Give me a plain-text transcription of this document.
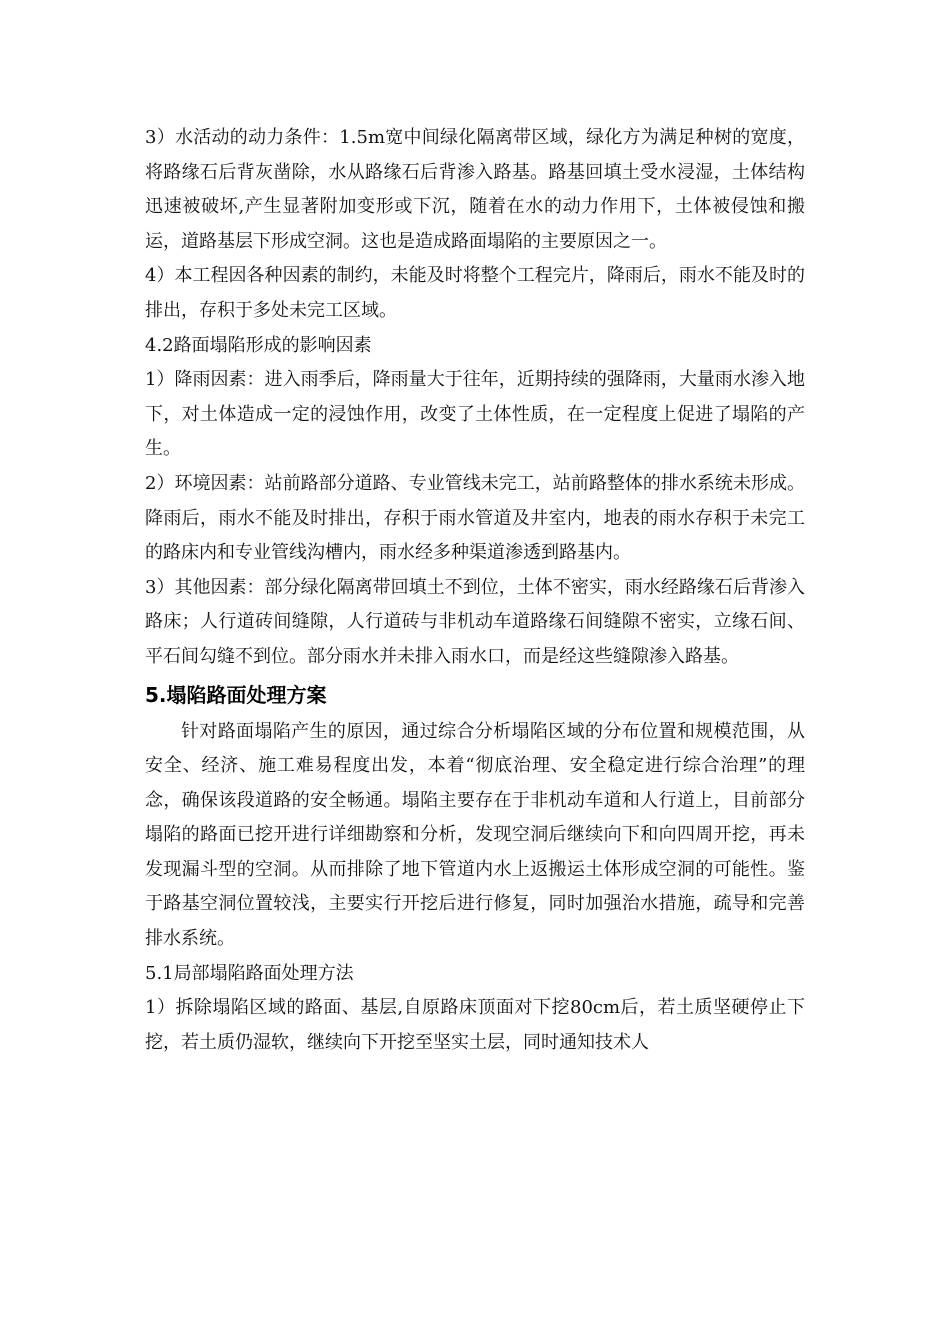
3）水活动的动力条件：1.5m宽中间绿化隔离带区域，绿化方为满足种树的宽度，将路缘石后背灰凿除，水从路缘石后背渗入路基。路基回填土受水浸湿，土体结构迅速被破坏,产生显著附加变形或下沉，随着在水的动力作用下，土体被侵蚀和搬运，道路基层下形成空洞。这也是造成路面塌陷的主要原因之一。

4）本工程因各种因素的制约，未能及时将整个工程完片，降雨后，雨水不能及时的排出，存积于多处未完工区域。

4.2路面塌陷形成的影响因素

1）降雨因素：进入雨季后，降雨量大于往年，近期持续的强降雨，大量雨水渗入地下，对土体造成一定的浸蚀作用，改变了土体性质，在一定程度上促进了塌陷的产生。

2）环境因素：站前路部分道路、专业管线未完工，站前路整体的排水系统未形成。降雨后，雨水不能及时排出，存积于雨水管道及井室内，地表的雨水存积于未完工的路床内和专业管线沟槽内，雨水经多种渠道渗透到路基内。

3）其他因素：部分绿化隔离带回填土不到位，土体不密实，雨水经路缘石后背渗入路床；人行道砖间缝隙，人行道砖与非机动车道路缘石间缝隙不密实，立缘石间、平石间勾缝不到位。部分雨水并未排入雨水口，而是经这些缝隙渗入路基。

5.塌陷路面处理方案

针对路面塌陷产生的原因，通过综合分析塌陷区域的分布位置和规模范围，从安全、经济、施工难易程度出发，本着“彻底治理、安全稳定进行综合治理”的理念，确保该段道路的安全畅通。塌陷主要存在于非机动车道和人行道上，目前部分塌陷的路面已挖开进行详细勘察和分析，发现空洞后继续向下和向四周开挖，再未发现漏斗型的空洞。从而排除了地下管道内水上返搬运土体形成空洞的可能性。鉴于路基空洞位置较浅，主要实行开挖后进行修复，同时加强治水措施，疏导和完善排水系统。

5.1局部塌陷路面处理方法

1）拆除塌陷区域的路面、基层,自原路床顶面对下挖80cm后，若土质坚硬停止下挖，若土质仍湿软，继续向下开挖至坚实土层，同时通知技术人
